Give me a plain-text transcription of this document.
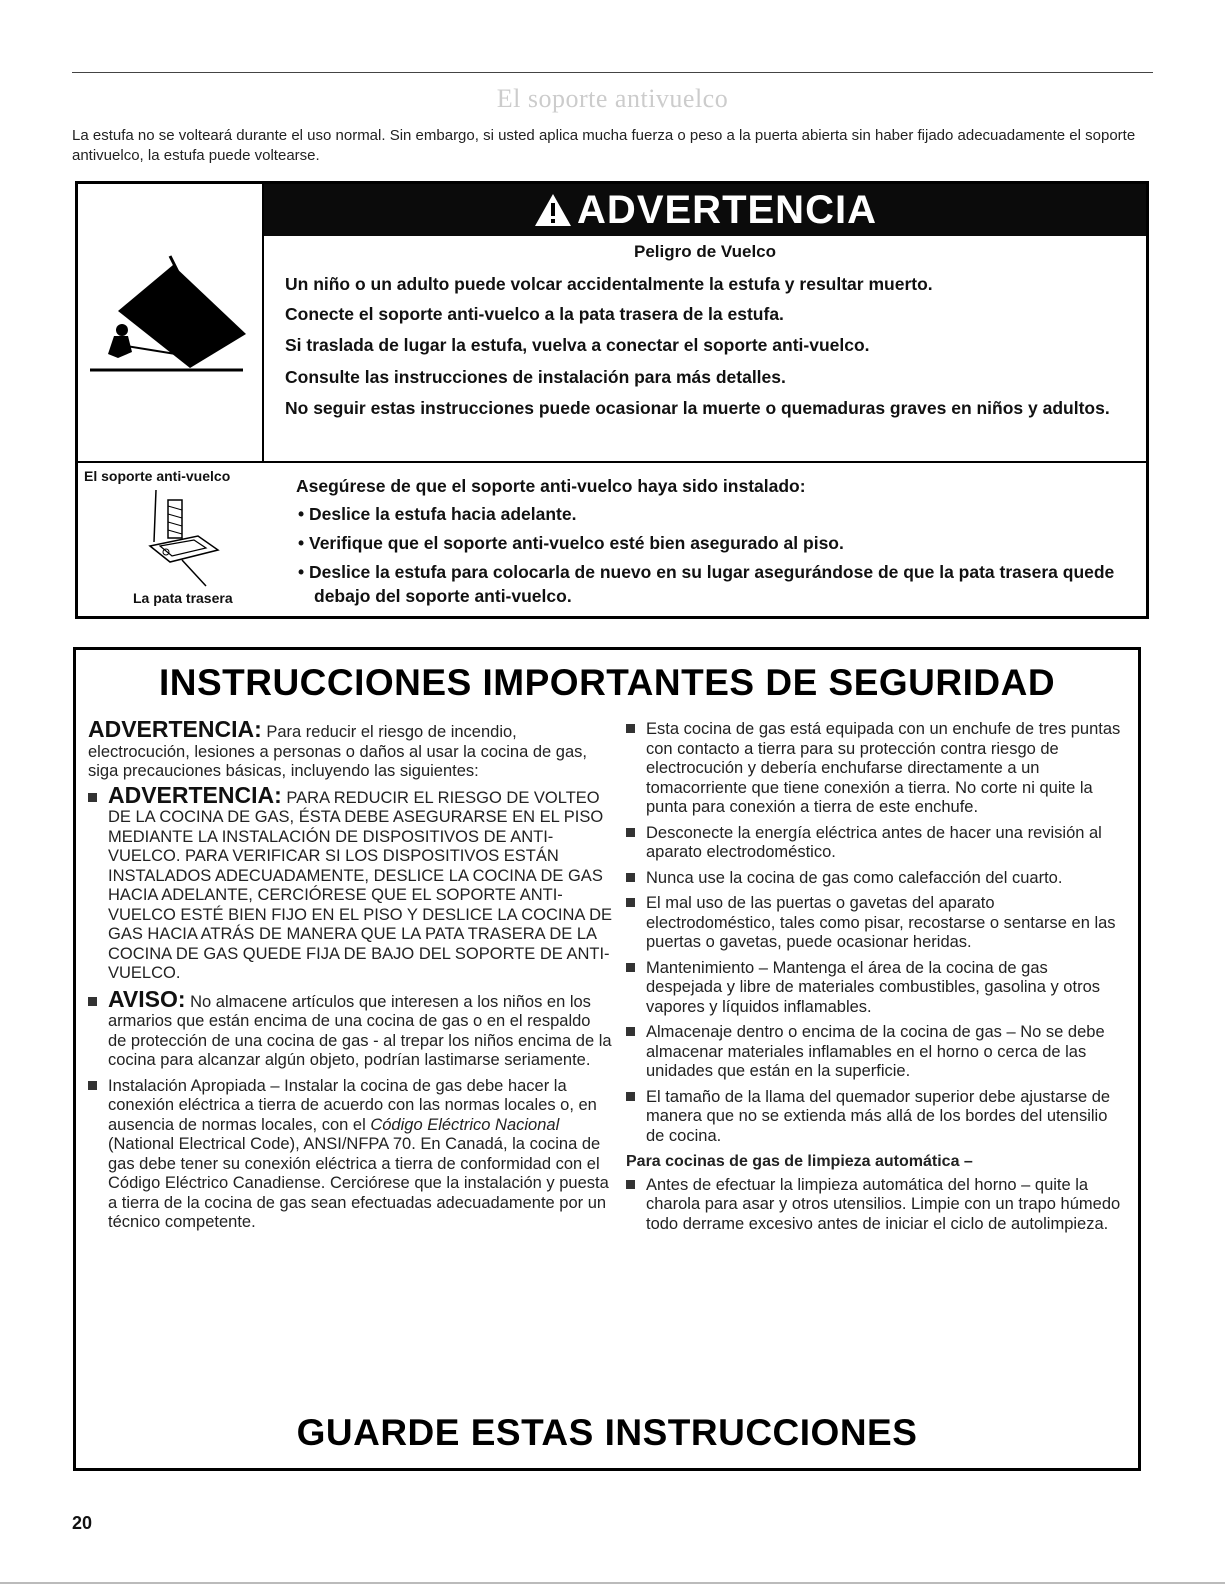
El soporte antivuelco
La estufa no se volteará durante el uso normal. Sin embargo, si usted aplica mucha fuerza o peso a la puerta abierta sin haber fijado adecuadamente el soporte antivuelco, la estufa puede voltearse.
ADVERTENCIA
Peligro de Vuelco
Un niño o un adulto puede volcar accidentalmente la estufa y resultar muerto.
Conecte el soporte anti-vuelco a la pata trasera de la estufa.
Si traslada de lugar la estufa, vuelva a conectar el soporte anti-vuelco.
Consulte las instrucciones de instalación para más detalles.
No seguir estas instrucciones puede ocasionar la muerte o quemaduras graves en niños y adultos.
El soporte anti-vuelco
La pata trasera
Asegúrese de que el soporte anti-vuelco haya sido instalado:
• Deslice la estufa hacia adelante.
• Verifique que el soporte anti-vuelco esté bien asegurado al piso.
• Deslice la estufa para colocarla de nuevo en su lugar asegurándose de que la pata trasera quede debajo del soporte anti-vuelco.
INSTRUCCIONES IMPORTANTES DE SEGURIDAD
ADVERTENCIA: Para reducir el riesgo de incendio, electrocución, lesiones a personas o daños al usar la cocina de gas, siga precauciones básicas, incluyendo las siguientes:
ADVERTENCIA: PARA REDUCIR EL RIESGO DE VOLTEO DE LA COCINA DE GAS, ÉSTA DEBE ASEGURARSE EN EL PISO MEDIANTE LA INSTALACIÓN DE DISPOSITIVOS DE ANTI-VUELCO. PARA VERIFICAR SI LOS DISPOSITIVOS ESTÁN INSTALADOS ADECUADAMENTE, DESLICE LA COCINA DE GAS HACIA ADELANTE, CERCIÓRESE QUE EL SOPORTE ANTI-VUELCO ESTÉ BIEN FIJO EN EL PISO Y DESLICE LA COCINA DE GAS HACIA ATRÁS DE MANERA QUE LA PATA TRASERA DE LA COCINA DE GAS QUEDE FIJA DE BAJO DEL SOPORTE DE ANTI-VUELCO.
AVISO: No almacene artículos que interesen a los niños en los armarios que están encima de una cocina de gas o en el respaldo de protección de una cocina de gas - al trepar los niños encima de la cocina para alcanzar algún objeto, podrían lastimarse seriamente.
Instalación Apropiada – Instalar la cocina de gas debe hacer la conexión eléctrica a tierra de acuerdo con las normas locales o, en ausencia de normas locales, con el Código Eléctrico Nacional (National Electrical Code), ANSI/NFPA 70. En Canadá, la cocina de gas debe tener su conexión eléctrica a tierra de conformidad con el Código Eléctrico Canadiense. Cerciórese que la instalación y puesta a tierra de la cocina de gas sean efectuadas adecuadamente por un técnico competente.
Esta cocina de gas está equipada con un enchufe de tres puntas con contacto a tierra para su protección contra riesgo de electrocución y debería enchufarse directamente a un tomacorriente que tiene conexión a tierra. No corte ni quite la punta para conexión a tierra de este enchufe.
Desconecte la energía eléctrica antes de hacer una revisión al aparato electrodoméstico.
Nunca use la cocina de gas como calefacción del cuarto.
El mal uso de las puertas o gavetas del aparato electrodoméstico, tales como pisar, recostarse o sentarse en las puertas o gavetas, puede ocasionar heridas.
Mantenimiento – Mantenga el área de la cocina de gas despejada y libre de materiales combustibles, gasolina y otros vapores y líquidos inflamables.
Almacenaje dentro o encima de la cocina de gas – No se debe almacenar materiales inflamables en el horno o cerca de las unidades que están en la superficie.
El tamaño de la llama del quemador superior debe ajustarse de manera que no se extienda más allá de los bordes del utensilio de cocina.
Para cocinas de gas de limpieza automática –
Antes de efectuar la limpieza automática del horno – quite la charola para asar y otros utensilios. Limpie con un trapo húmedo todo derrame excesivo antes de iniciar el ciclo de autolimpieza.
GUARDE ESTAS INSTRUCCIONES
20
